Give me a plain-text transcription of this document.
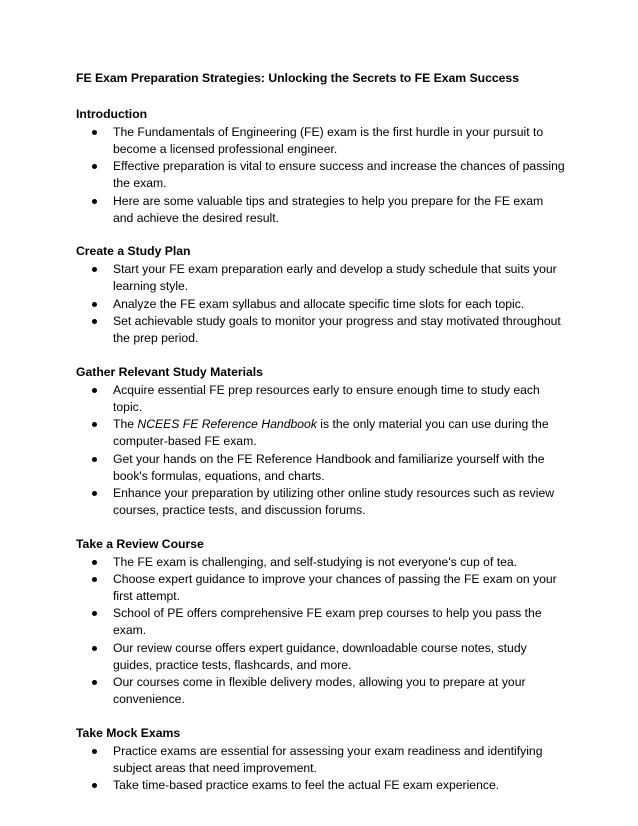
FE Exam Preparation Strategies: Unlocking the Secrets to FE Exam Success
Introduction
The Fundamentals of Engineering (FE) exam is the first hurdle in your pursuit to become a licensed professional engineer.
Effective preparation is vital to ensure success and increase the chances of passing the exam.
Here are some valuable tips and strategies to help you prepare for the FE exam and achieve the desired result.
Create a Study Plan
Start your FE exam preparation early and develop a study schedule that suits your learning style.
Analyze the FE exam syllabus and allocate specific time slots for each topic.
Set achievable study goals to monitor your progress and stay motivated throughout the prep period.
Gather Relevant Study Materials
Acquire essential FE prep resources early to ensure enough time to study each topic.
The NCEES FE Reference Handbook is the only material you can use during the computer-based FE exam.
Get your hands on the FE Reference Handbook and familiarize yourself with the book's formulas, equations, and charts.
Enhance your preparation by utilizing other online study resources such as review courses, practice tests, and discussion forums.
Take a Review Course
The FE exam is challenging, and self-studying is not everyone's cup of tea.
Choose expert guidance to improve your chances of passing the FE exam on your first attempt.
School of PE offers comprehensive FE exam prep courses to help you pass the exam.
Our review course offers expert guidance, downloadable course notes, study guides, practice tests, flashcards, and more.
Our courses come in flexible delivery modes, allowing you to prepare at your convenience.
Take Mock Exams
Practice exams are essential for assessing your exam readiness and identifying subject areas that need improvement.
Take time-based practice exams to feel the actual FE exam experience.
